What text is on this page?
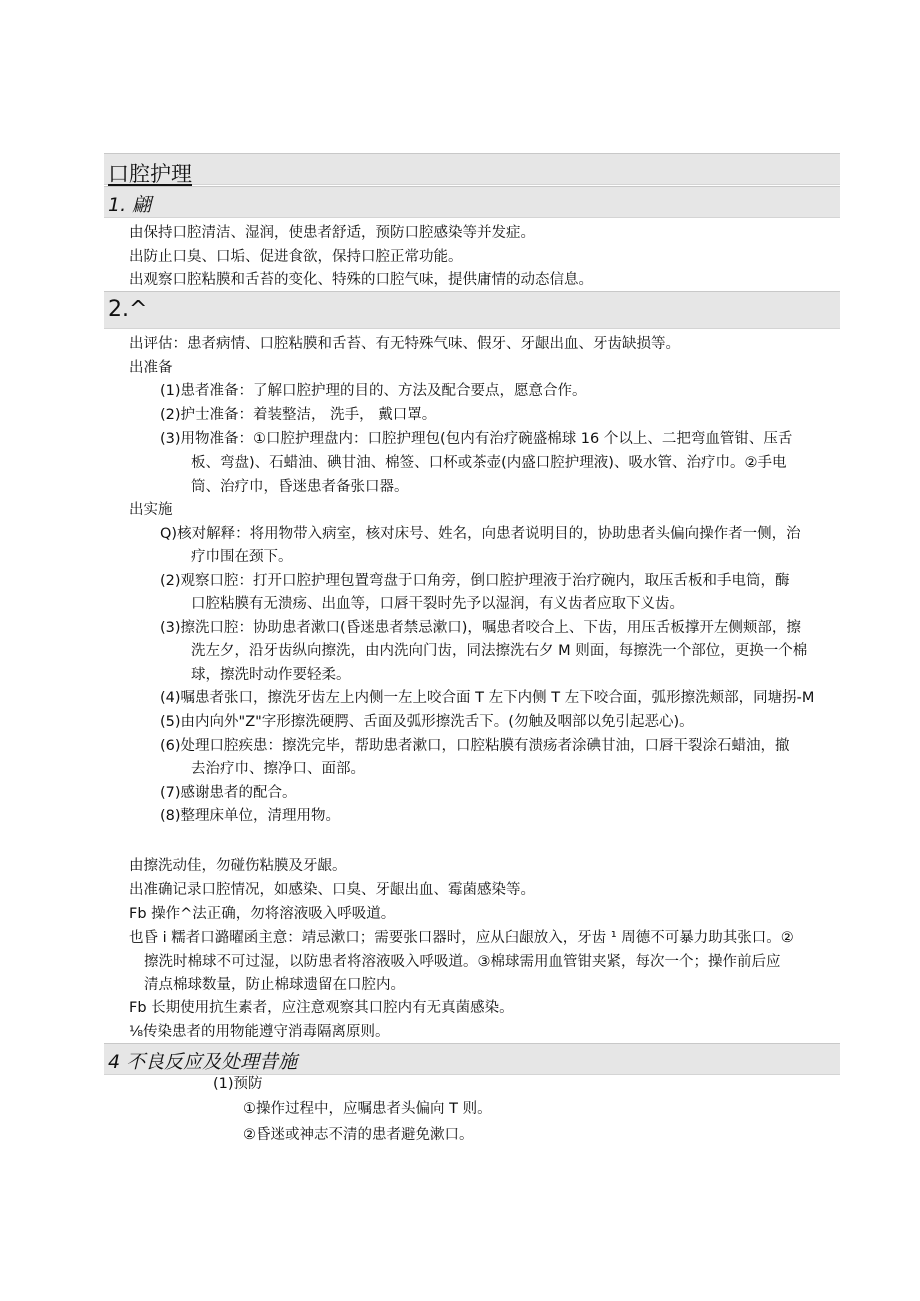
口腔护理
1. 翩
由保持口腔清洁、湿润，使患者舒适，预防口腔感染等并发症。
出防止口臭、口垢、促进食欲，保持口腔正常功能。
出观察口腔粘膜和舌苔的变化、特殊的口腔气味，提供庸情的动态信息。
2.^
出评估：患者病情、口腔粘膜和舌苔、有无特殊气味、假牙、牙龈出血、牙齿缺损等。
出准备
(1)患者准备：了解口腔护理的目的、方法及配合要点，愿意合作。
(2)护士准备：着装整洁， 洗手， 戴口罩。
(3)用物准备：①口腔护理盘内：口腔护理包(包内有治疗碗盛棉球 16 个以上、二把弯血管钳、压舌
板、弯盘)、石蜡油、碘甘油、棉签、口杯或茶壶(内盛口腔护理液)、吸水管、治疗巾。②手电
筒、治疗巾，昏迷患者备张口器。
出实施
Q)核对解释：将用物带入病室，核对床号、姓名，向患者说明目的，协助患者头偏向操作者一侧，治
疗巾围在颈下。
(2)观察口腔：打开口腔护理包置弯盘于口角旁，倒口腔护理液于治疗碗内，取压舌板和手电筒，酶
口腔粘膜有无溃疡、出血等，口唇干裂时先予以湿润，有义齿者应取下义齿。
(3)擦洗口腔：协助患者漱口(昏迷患者禁忌漱口)，嘱患者咬合上、下齿，用压舌板撑开左侧颊部，擦
洗左夕，沿牙齿纵向擦洗，由内洗向门齿，同法擦洗右夕 M 则面，每擦洗一个部位，更换一个棉
球，擦洗时动作要轻柔。
(4)嘱患者张口，擦洗牙齿左上内侧一左上咬合面 T 左下内侧 T 左下咬合面，弧形擦洗颊部，同塘拐-M
(5)由内向外"Z"字形擦洗硬腭、舌面及弧形擦洗舌下。(勿触及咽部以免引起恶心)。
(6)处理口腔疾患：擦洗完毕，帮助患者漱口，口腔粘膜有溃疡者涂碘甘油，口唇干裂涂石蜡油，撤
去治疗巾、擦净口、面部。
(7)感谢患者的配合。
(8)整理床单位，清理用物。
由擦洗动佳，勿碰伤粘膜及牙龈。
出准确记录口腔情况，如感染、口臭、牙龈出血、霉菌感染等。
Fb 操作^法正确，勿将溶液吸入呼吸道。
也昏 i 糯者口潞曜函主意：靖忌漱口；需要张口器时，应从臼龈放入，牙齿 ¹ 周德不可暴力助其张口。②
擦洗时棉球不可过湿，以防患者将溶液吸入呼吸道。③棉球需用血管钳夹紧，每次一个；操作前后应
清点棉球数量，防止棉球遗留在口腔内。
Fb 长期使用抗生素者，应注意观察其口腔内有无真菌感染。
⅛传染患者的用物能遵守消毒隔离原则。
4 不良反应及处理昔施
(1)预防
①操作过程中，应嘱患者头偏向 T 则。
②昏迷或神志不清的患者避免漱口。
